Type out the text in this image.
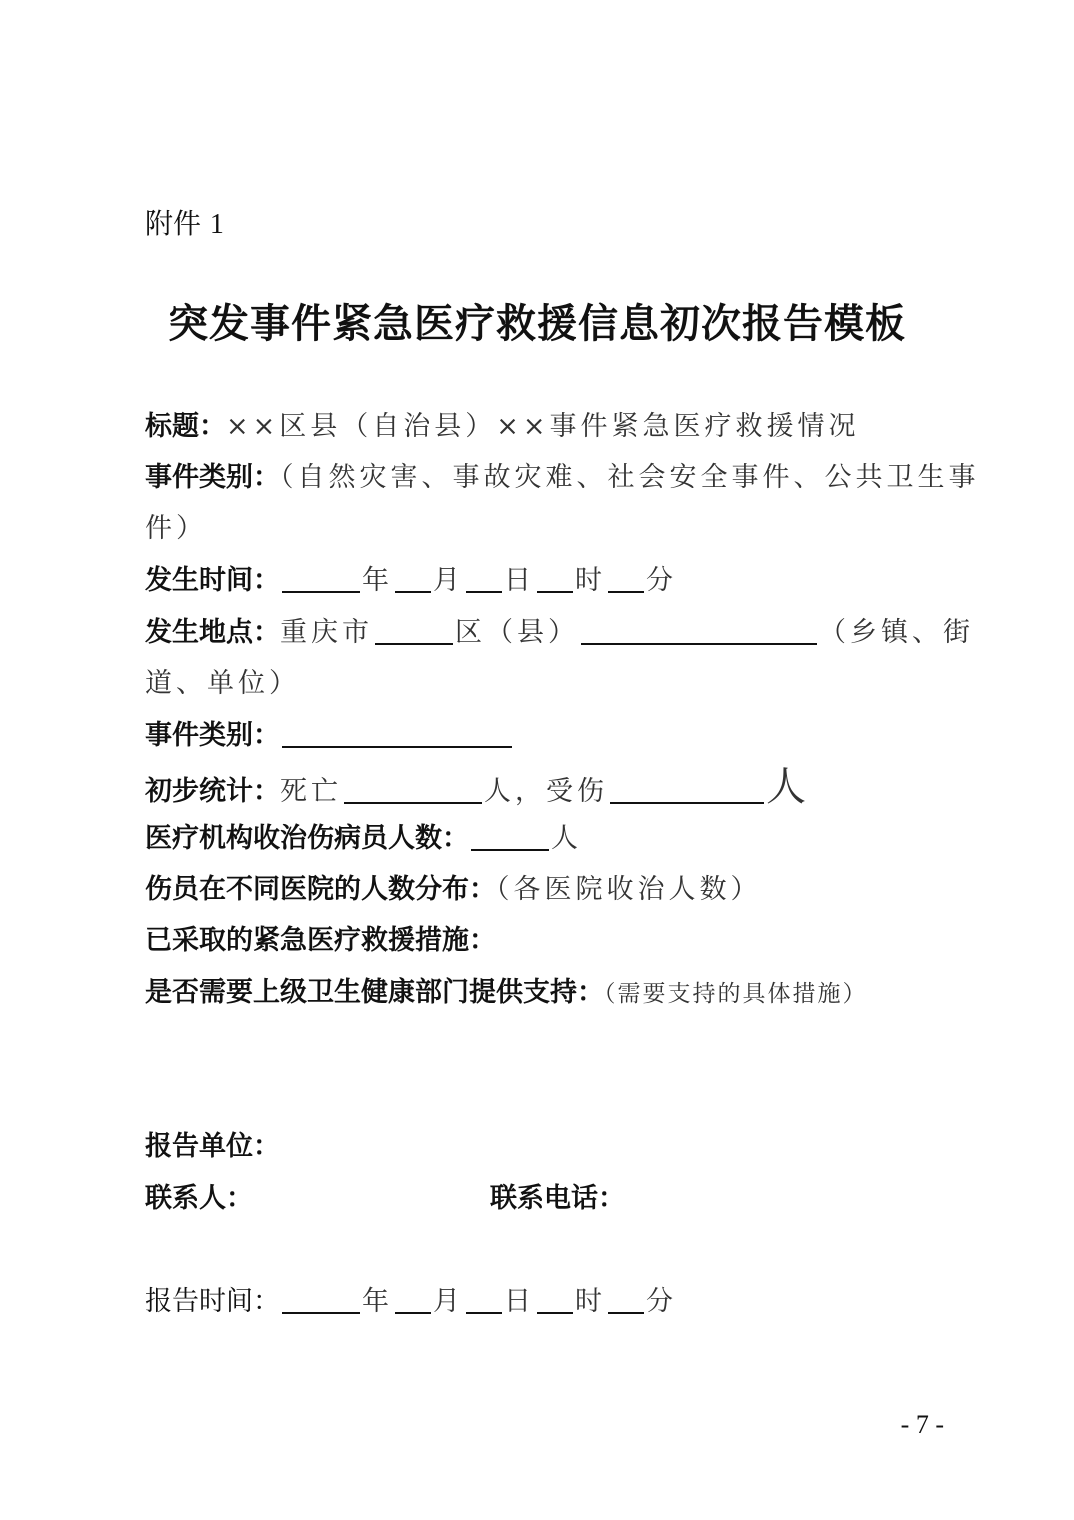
附件 1
突发事件紧急医疗救援信息初次报告模板
标题：××区县（自治县）××事件紧急医疗救援情况
事件类别：（自然灾害、事故灾难、社会安全事件、公共卫生事
件）
发生时间：	年 月 日 时 分
发生地点：重庆市	区（县）	（乡镇、街
道、单位）
事件类别：
初步统计：死亡	人，受伤	人
医疗机构收治伤病员人数：	人
伤员在不同医院的人数分布：（各医院收治人数）
已采取的紧急医疗救援措施：
是否需要上级卫生健康部门提供支持：（需要支持的具体措施）
报告单位：
联系人：	联系电话：
报告时间：	年 月 日 时 分
- 7 -
